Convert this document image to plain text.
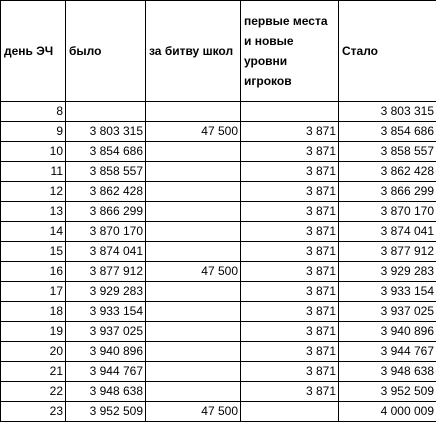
день ЭЧ	было	за битву школ	первые места и новые уровни игроков	Стало
8				3 803 315
9	3 803 315	47 500	3 871	3 854 686
10	3 854 686		3 871	3 858 557
11	3 858 557		3 871	3 862 428
12	3 862 428		3 871	3 866 299
13	3 866 299		3 871	3 870 170
14	3 870 170		3 871	3 874 041
15	3 874 041		3 871	3 877 912
16	3 877 912	47 500	3 871	3 929 283
17	3 929 283		3 871	3 933 154
18	3 933 154		3 871	3 937 025
19	3 937 025		3 871	3 940 896
20	3 940 896		3 871	3 944 767
21	3 944 767		3 871	3 948 638
22	3 948 638		3 871	3 952 509
23	3 952 509	47 500		4 000 009
